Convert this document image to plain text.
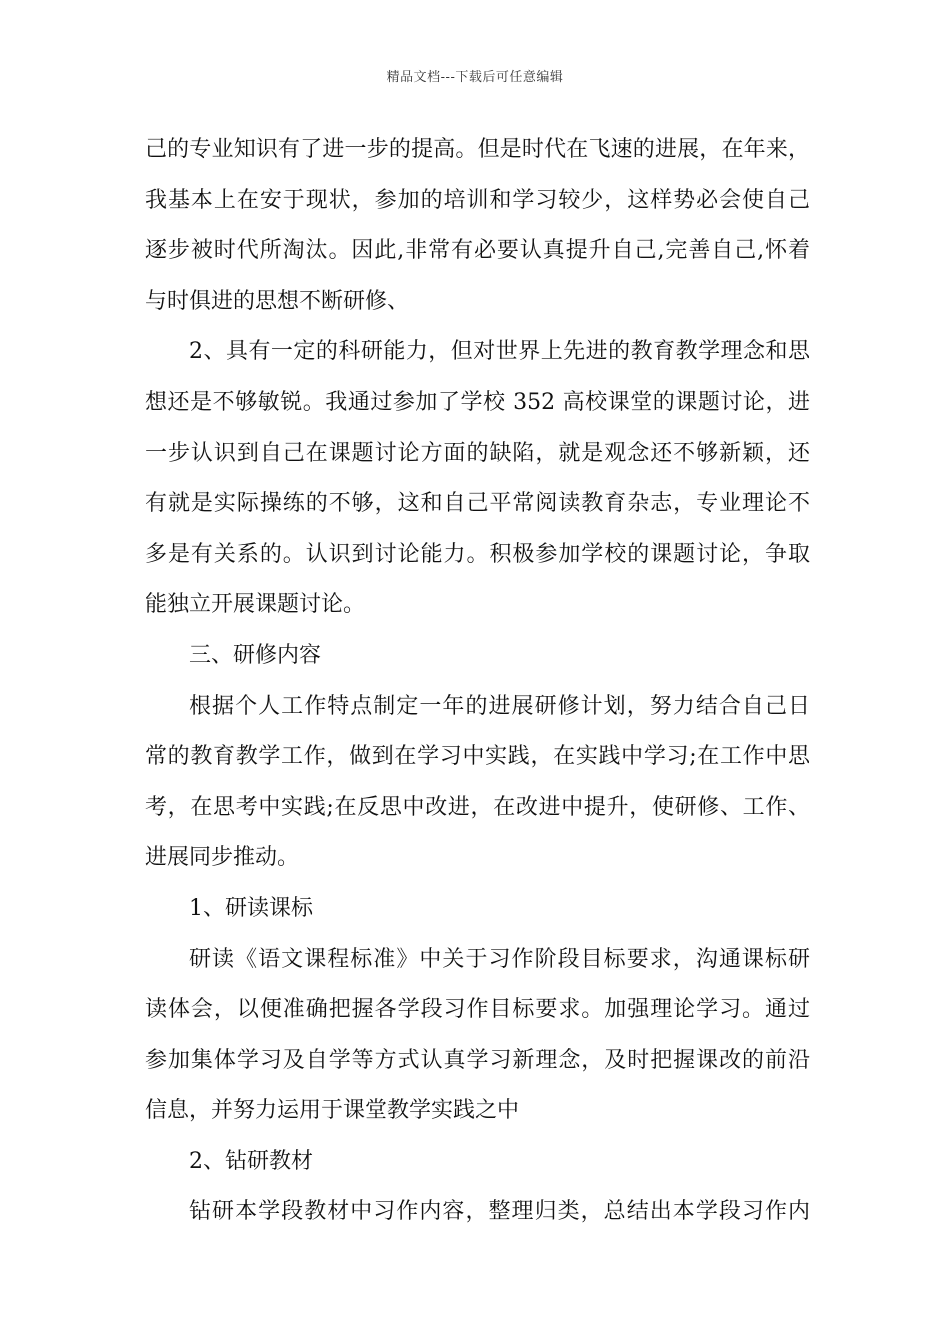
精品文档---下载后可任意编辑
己的专业知识有了进一步的提高。但是时代在飞速的进展，在年来，
我基本上在安于现状，参加的培训和学习较少，这样势必会使自己
逐步被时代所淘汰。因此,非常有必要认真提升自己,完善自己,怀着
与时俱进的思想不断研修、
2、具有一定的科研能力，但对世界上先进的教育教学理念和思
想还是不够敏锐。我通过参加了学校 352 高校课堂的课题讨论，进
一步认识到自己在课题讨论方面的缺陷，就是观念还不够新颖，还
有就是实际操练的不够，这和自己平常阅读教育杂志，专业理论不
多是有关系的。认识到讨论能力。积极参加学校的课题讨论，争取
能独立开展课题讨论。
三、研修内容
根据个人工作特点制定一年的进展研修计划，努力结合自己日
常的教育教学工作，做到在学习中实践，在实践中学习;在工作中思
考，在思考中实践;在反思中改进，在改进中提升，使研修、工作、
进展同步推动。
1、研读课标
研读《语文课程标准》中关于习作阶段目标要求，沟通课标研
读体会，以便准确把握各学段习作目标要求。加强理论学习。通过
参加集体学习及自学等方式认真学习新理念，及时把握课改的前沿
信息，并努力运用于课堂教学实践之中
2、钻研教材
钻研本学段教材中习作内容，整理归类，总结出本学段习作内
